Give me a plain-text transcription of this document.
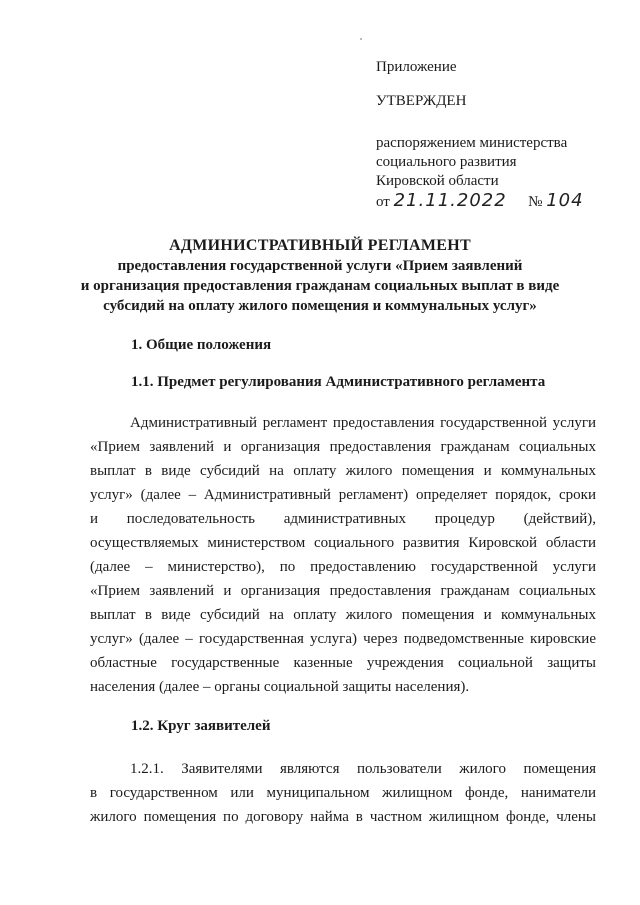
Приложение
УТВЕРЖДЕН
распоряжением министерства
социального развития
Кировской области
от 21.11.2022 № 104
АДМИНИСТРАТИВНЫЙ РЕГЛАМЕНТ
предоставления государственной услуги «Прием заявлений
и организация предоставления гражданам социальных выплат в виде
субсидий на оплату жилого помещения и коммунальных услуг»
1. Общие положения
1.1. Предмет регулирования Административного регламента
Административный регламент предоставления государственной услуги
«Прием заявлений и организация предоставления гражданам социальных
выплат в виде субсидий на оплату жилого помещения и коммунальных
услуг» (далее – Административный регламент) определяет порядок, сроки
и последовательность административных процедур (действий),
осуществляемых министерством социального развития Кировской области
(далее – министерство), по предоставлению государственной услуги
«Прием заявлений и организация предоставления гражданам социальных
выплат в виде субсидий на оплату жилого помещения и коммунальных
услуг» (далее – государственная услуга) через подведомственные кировские
областные государственные казенные учреждения социальной защиты
населения (далее – органы социальной защиты населения).
1.2. Круг заявителей
1.2.1. Заявителями являются пользователи жилого помещения
в государственном или муниципальном жилищном фонде, наниматели
жилого помещения по договору найма в частном жилищном фонде, члены
